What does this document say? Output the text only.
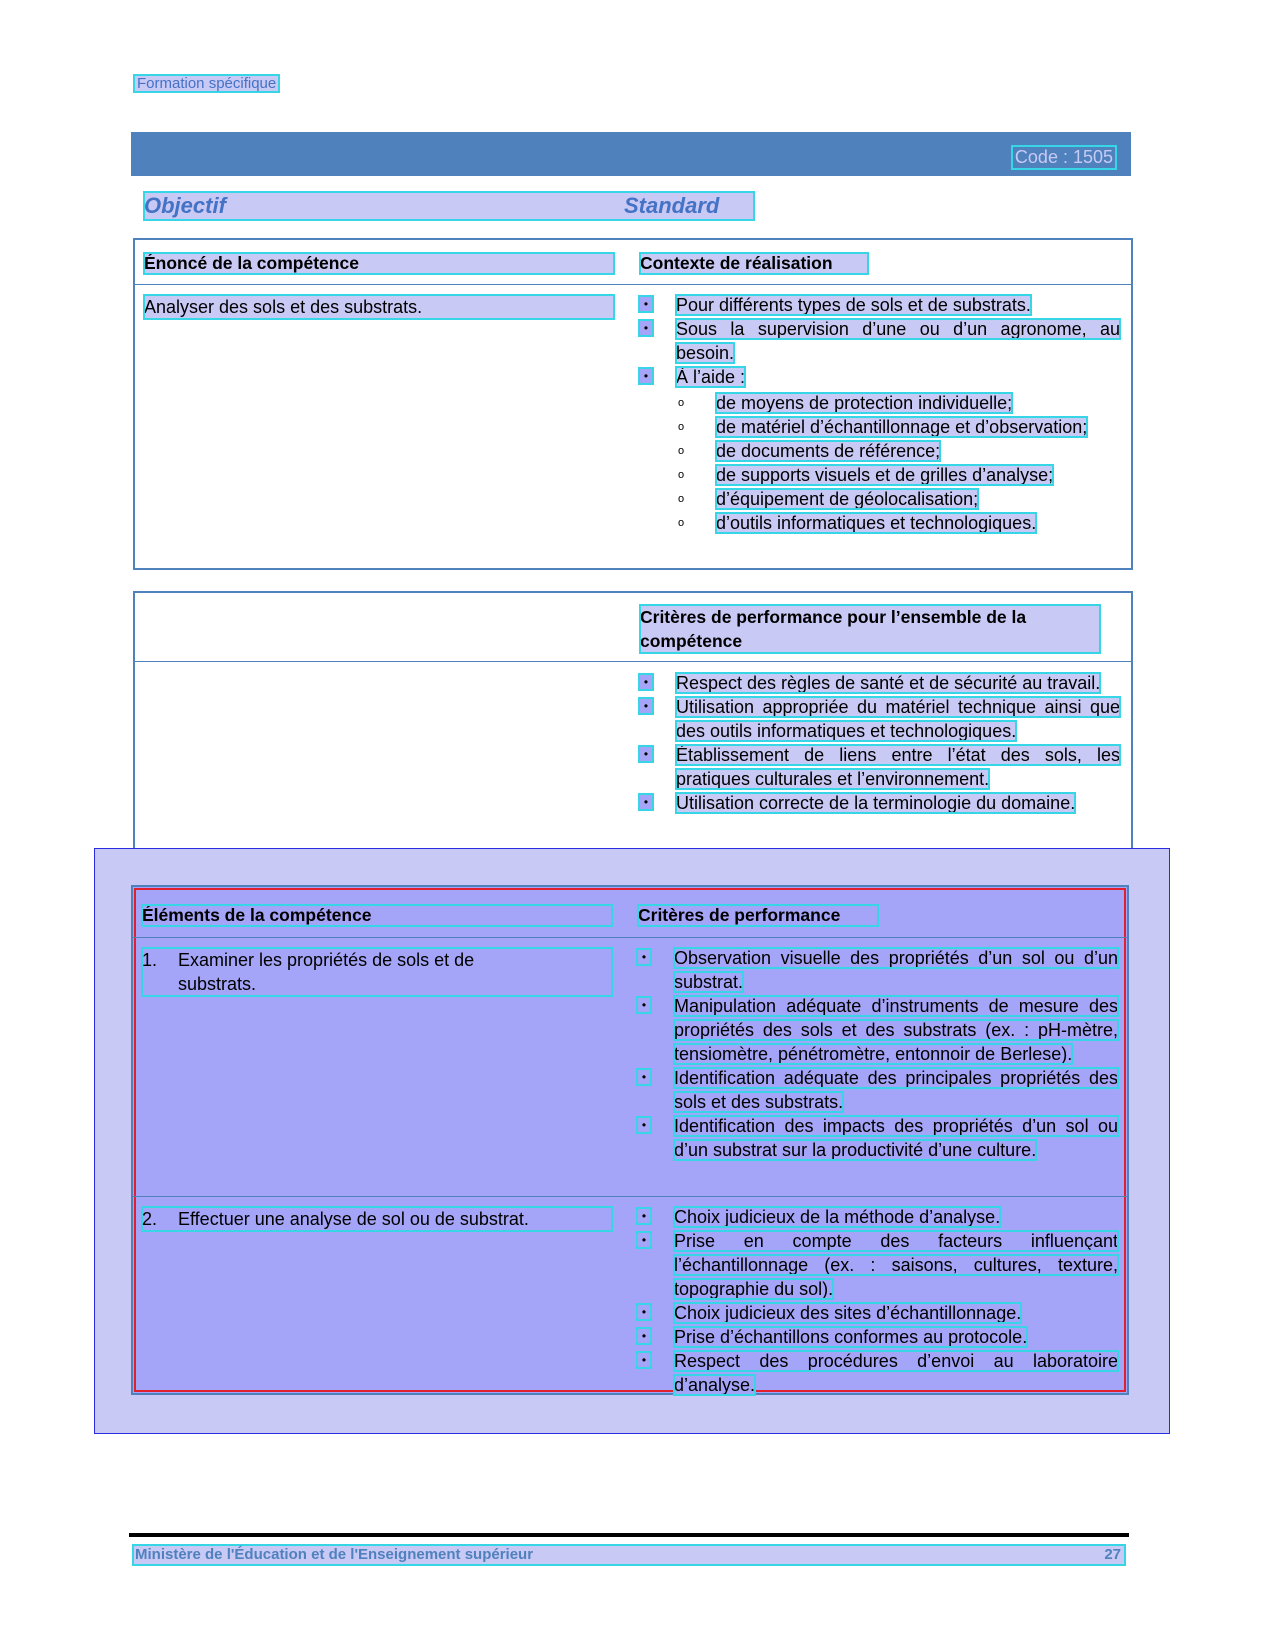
Formation spécifique
Code : 1505
Objectif	Standard
Énoncé de la compétence	Contexte de réalisation
Analyser des sols et des substrats.	• Pour différents types de sols et de substrats.
• Sous la supervision d’une ou d’un agronome, au besoin.
• À l’aide :
o de moyens de protection individuelle;
o de matériel d’échantillonnage et d’observation;
o de documents de référence;
o de supports visuels et de grilles d’analyse;
o d’équipement de géolocalisation;
o d’outils informatiques et technologiques.
Critères de performance pour l’ensemble de la compétence
• Respect des règles de santé et de sécurité au travail.
• Utilisation appropriée du matériel technique ainsi que des outils informatiques et technologiques.
• Établissement de liens entre l’état des sols, les pratiques culturales et l’environnement.
• Utilisation correcte de la terminologie du domaine.
Éléments de la compétence	Critères de performance
1. Examiner les propriétés de sols et de substrats.
• Observation visuelle des propriétés d’un sol ou d’un substrat.
• Manipulation adéquate d’instruments de mesure des propriétés des sols et des substrats (ex. : pH-mètre, tensiomètre, pénétromètre, entonnoir de Berlese).
• Identification adéquate des principales propriétés des sols et des substrats.
• Identification des impacts des propriétés d’un sol ou d’un substrat sur la productivité d’une culture.
2. Effectuer une analyse de sol ou de substrat.	• Choix judicieux de la méthode d’analyse.
• Prise en compte des facteurs influençant l’échantillonnage (ex. : saisons, cultures, texture, topographie du sol).
• Choix judicieux des sites d’échantillonnage.
• Prise d’échantillons conformes au protocole.
• Respect des procédures d’envoi au laboratoire d’analyse.
Ministère de l'Éducation et de l'Enseignement supérieur	27
